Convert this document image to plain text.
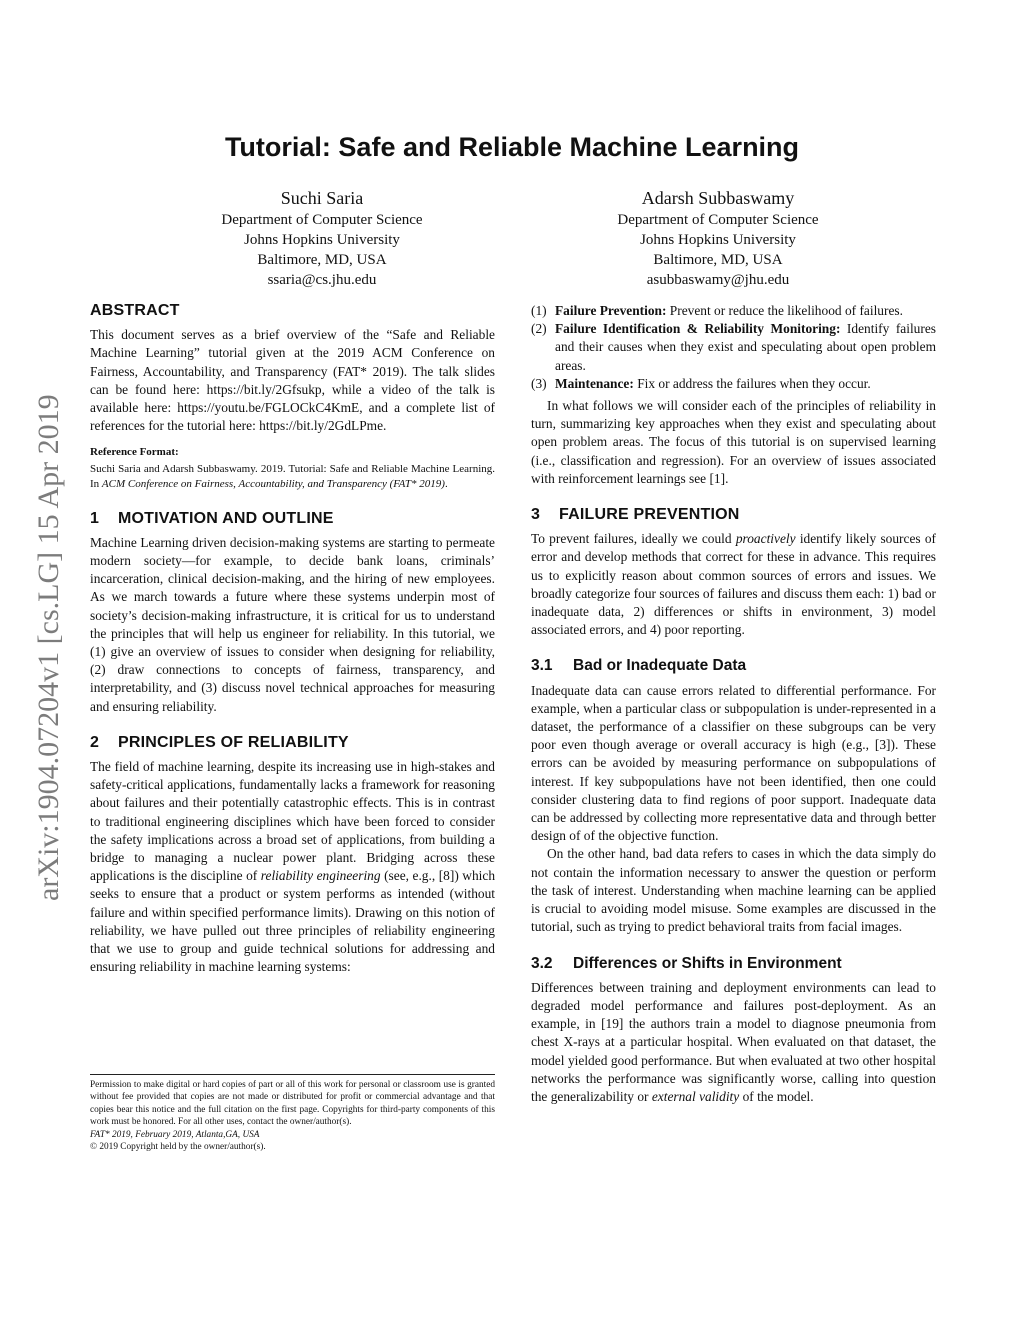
arXiv:1904.07204v1 [cs.LG] 15 Apr 2019
Tutorial: Safe and Reliable Machine Learning
Suchi Saria
Department of Computer Science
Johns Hopkins University
Baltimore, MD, USA
ssaria@cs.jhu.edu
Adarsh Subbaswamy
Department of Computer Science
Johns Hopkins University
Baltimore, MD, USA
asubbaswamy@jhu.edu
ABSTRACT

This document serves as a brief overview of the “Safe and Reliable Machine Learning” tutorial given at the 2019 ACM Conference on Fairness, Accountability, and Transparency (FAT* 2019). The talk slides can be found here: https://bit.ly/2Gfsukp, while a video of the talk is available here: https://youtu.be/FGLOCkC4KmE, and a complete list of references for the tutorial here: https://bit.ly/2GdLPme.

Reference Format:
Suchi Saria and Adarsh Subbaswamy. 2019. Tutorial: Safe and Reliable Machine Learning. In ACM Conference on Fairness, Accountability, and Transparency (FAT* 2019).
1 MOTIVATION AND OUTLINE

Machine Learning driven decision-making systems are starting to permeate modern society—for example, to decide bank loans, criminals’ incarceration, clinical decision-making, and the hiring of new employees. As we march towards a future where these systems underpin most of society’s decision-making infrastructure, it is critical for us to understand the principles that will help us engineer for reliability. In this tutorial, we (1) give an overview of issues to consider when designing for reliability, (2) draw connections to concepts of fairness, transparency, and interpretability, and (3) discuss novel technical approaches for measuring and ensuring reliability.

2 PRINCIPLES OF RELIABILITY

The field of machine learning, despite its increasing use in high-stakes and safety-critical applications, fundamentally lacks a framework for reasoning about failures and their potentially catastrophic effects. This is in contrast to traditional engineering disciplines which have been forced to consider the safety implications across a broad set of applications, from building a bridge to managing a nuclear power plant. Bridging across these applications is the discipline of reliability engineering (see, e.g., [8]) which seeks to ensure that a product or system performs as intended (without failure and within specified performance limits). Drawing on this notion of reliability, we have pulled out three principles of reliability engineering that we use to group and guide technical solutions for addressing and ensuring reliability in machine learning systems:

Permission to make digital or hard copies of part or all of this work for personal or classroom use is granted without fee provided that copies are not made or distributed for profit or commercial advantage and that copies bear this notice and the full citation on the first page. Copyrights for third-party components of this work must be honored. For all other uses, contact the owner/author(s).
FAT* 2019, February 2019, Atlanta,GA, USA
© 2019 Copyright held by the owner/author(s).
(1) Failure Prevention: Prevent or reduce the likelihood of failures.
(2) Failure Identification & Reliability Monitoring: Identify failures and their causes when they exist and speculating about open problem areas.
(3) Maintenance: Fix or address the failures when they occur.

In what follows we will consider each of the principles of reliability in turn, summarizing key approaches when they exist and speculating about open problem areas. The focus of this tutorial is on supervised learning (i.e., classification and regression). For an overview of issues associated with reinforcement learnings see [1].

3 FAILURE PREVENTION

To prevent failures, ideally we could proactively identify likely sources of error and develop methods that correct for these in advance. This requires us to explicitly reason about common sources of errors and issues. We broadly categorize four sources of failures and discuss them each: 1) bad or inadequate data, 2) differences or shifts in environment, 3) model associated errors, and 4) poor reporting.

3.1 Bad or Inadequate Data

Inadequate data can cause errors related to differential performance. For example, when a particular class or subpopulation is under-represented in a dataset, the performance of a classifier on these subgroups can be very poor even though average or overall accuracy is high (e.g., [3]). These errors can be avoided by measuring performance on subpopulations of interest. If key subpopulations have not been identified, then one could consider clustering data to find regions of poor support. Inadequate data can be addressed by collecting more representative data and through better design of of the objective function.

On the other hand, bad data refers to cases in which the data simply do not contain the information necessary to answer the question or perform the task of interest. Understanding when machine learning can be applied is crucial to avoiding model misuse. Some examples are discussed in the tutorial, such as trying to predict behavioral traits from facial images.

3.2 Differences or Shifts in Environment

Differences between training and deployment environments can lead to degraded model performance and failures post-deployment. As an example, in [19] the authors train a model to diagnose pneumonia from chest X-rays at a particular hospital. When evaluated on that dataset, the model yielded good performance. But when evaluated at two other hospital networks the performance was significantly worse, calling into question the generalizability or external validity of the model.
